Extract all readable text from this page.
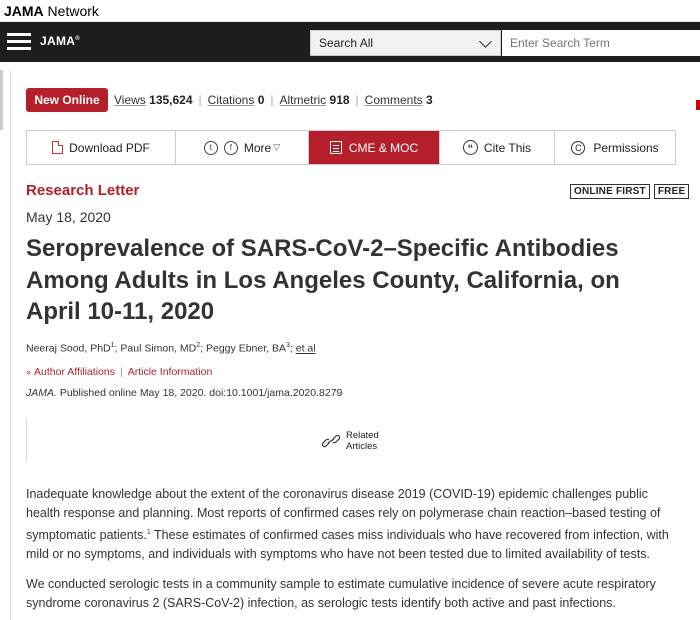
JAMA Network
JAMA®	Search All
Enter Search Term
New Online	Views 135,624 | Citations 0 | Altmetric 918 | Comments 3
Download PDF	t	f More ▽	CME & MOC	“ Cite This	C Permissions
Research Letter	ONLINE FIRST	FREE
May 18, 2020
Seroprevalence of SARS-CoV-2–Specific Antibodies Among Adults in Los Angeles County, California, on April 10-11, 2020
Neeraj Sood, PhD$^1$; Paul Simon, $MD^2$; Peggy Ebner, $BA^3$; et al
» Author Affiliations | Article Information
JAMA. Published online May 18, 2020. doi:10.1001/jama.2020.8279
Related
Articles

Inadequate knowledge about the extent of the coronavirus disease 2019 (COVID-19) epidemic challenges public health response and planning. Most reports of confirmed cases rely on polymerase chain reaction–based testing of symptomatic patients.$^1$ These estimates of confirmed cases miss individuals who have recovered from infection, with mild or no symptoms, and individuals with symptoms who have not been tested due to limited availability of tests.

We conducted serologic tests in a community sample to estimate cumulative incidence of severe acute respiratory syndrome coronavirus 2 (SARS-CoV-2) infection, as serologic tests identify both active and past infections.
